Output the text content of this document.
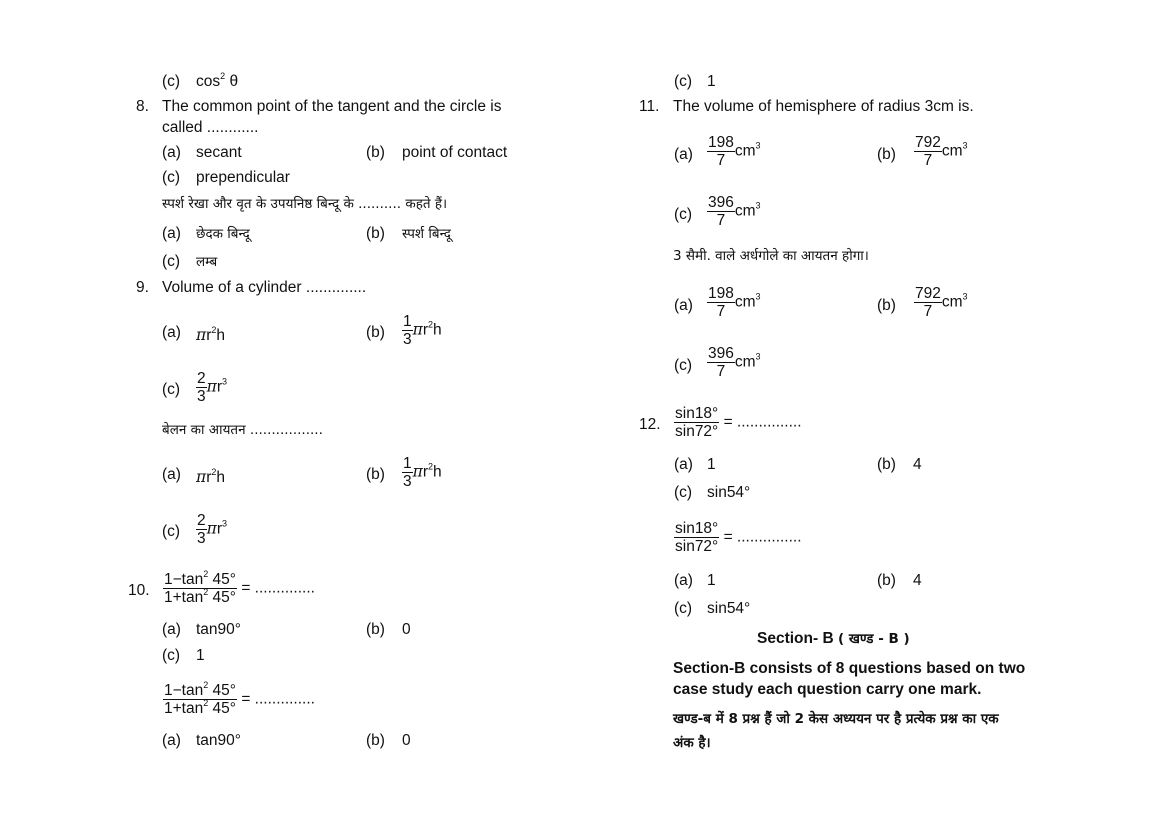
(c) $\cos^2 \theta$
8. The common point of the tangent and the circle is
called ............
(a) secant	(b) point of contact
(c) prependicular
स्पर्श रेखा और वृत के उपयनिष्ठ बिन्दू के .......... कहते हैं।
(a) छेदक बिन्दू	(b) स्पर्श बिन्दू
(c) लम्ब
9. Volume of a cylinder ..............
(a) $\pi r^2h$	$(b) \frac{1}{3} \pi r^2h$
$(c) \frac{2}{3} \pi r^3$
बेलन का आयतन .................
(a) $\pi r^2h$	$(b) \frac{1}{3} \pi r^2h$
$(c) \frac{2}{3} \pi r^3$
10. $\frac{1-\tan^2 45^\circ}{1+\tan^2 45^\circ}$ = ..............
(a) tan90°	(b) 0
(c) 1
$\frac{1-\tan^2 45^\circ}{1+\tan^2 45^\circ}$ = ..............
(a) tan90°	(b) 0
(c) 1
11. The volume of hemisphere of radius 3cm is.
$(a) \frac{198}{7} cm^3$
$(b) \frac{792}{7} cm^3$
$(c) \frac{396}{7} cm^3$
3 सैमी. वाले अर्धगोले का आयतन होगा।
$(a) \frac{198}{7} cm^3$
$(b) \frac{792}{7} cm^3$
$(c) \frac{396}{7} cm^3$
12. $\frac{\sin 18^\circ}{\sin 72^\circ}$ = ...............
(a) 1	(b) 4
(c) sin54°
$\frac{\sin 18^\circ}{\sin 72^\circ}$ = ...............
(a) 1	(b) 4
(c) sin54°
Section- B ( खण्ड - B )
Section-B consists of 8 questions based on two
case study each question carry one mark.
खण्ड-ब में 8 प्रश्न हैं जो 2 केस अध्ययन पर है प्रत्येक प्रश्न का एक
अंक है।
